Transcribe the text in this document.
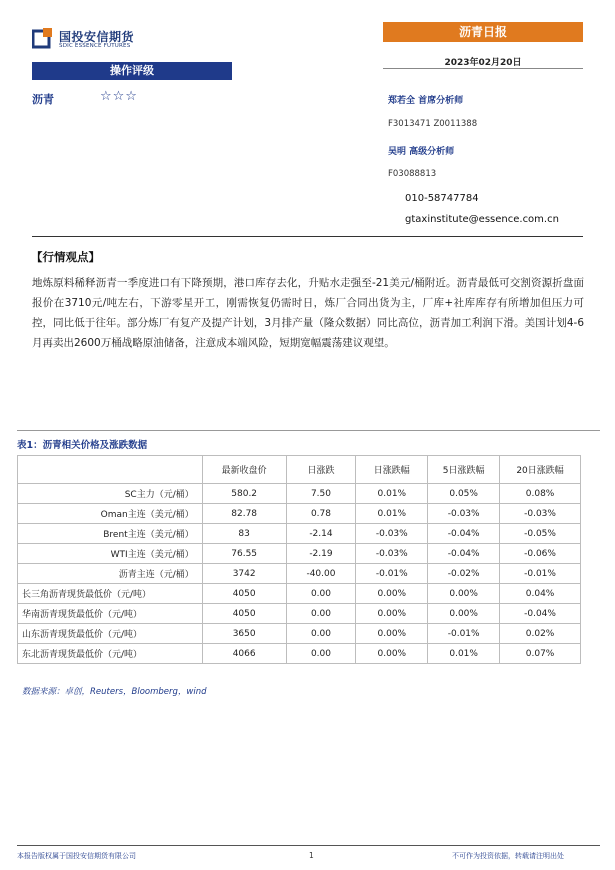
国投安信期货
SDIC ESSENCE FUTURES
沥青日报
2023年02月20日
操作评级
沥青	☆☆☆	郑若全 首席分析师
F3013471 Z0011388
吴明 高级分析师
F03088813
010-58747784
gtaxinstitute@essence.com.cn
【行情观点】
地炼原料稀释沥青一季度进口有下降预期，港口库存去化，升贴水走强至-21美元/桶附近。沥青最低可交割资源折盘面报价在3710元/吨左右，下游零星开工，刚需恢复仍需时日，炼厂合同出货为主，厂库+社库库存有所增加但压力可控，同比低于往年。部分炼厂有复产及提产计划，3月排产量（隆众数据）同比高位，沥青加工利润下滑。美国计划4-6月再卖出2600万桶战略原油储备，注意成本端风险，短期宽幅震荡建议观望。
表1：沥青相关价格及涨跌数据
	最新收盘价	日涨跌	日涨跌幅	5日涨跌幅	20日涨跌幅
SC主力（元/桶）	580.2	7.50	0.01%	0.05%	0.08%
Oman主连（美元/桶）	82.78	0.78	0.01%	-0.03%	-0.03%
Brent主连（美元/桶）	83	-2.14	-0.03%	-0.04%	-0.05%
WTI主连（美元/桶）	76.55	-2.19	-0.03%	-0.04%	-0.06%
沥青主连（元/桶）	3742	-40.00	-0.01%	-0.02%	-0.01%
长三角沥青现货最低价（元/吨）	4050	0.00	0.00%	0.00%	0.04%
华南沥青现货最低价（元/吨）	4050	0.00	0.00%	0.00%	-0.04%
山东沥青现货最低价（元/吨）	3650	0.00	0.00%	-0.01%	0.02%
东北沥青现货最低价（元/吨）	4066	0.00	0.00%	0.01%	0.07%
数据来源：卓创，Reuters，Bloomberg，wind
本报告版权属于国投安信期货有限公司	1	不可作为投资依据，转载请注明出处
